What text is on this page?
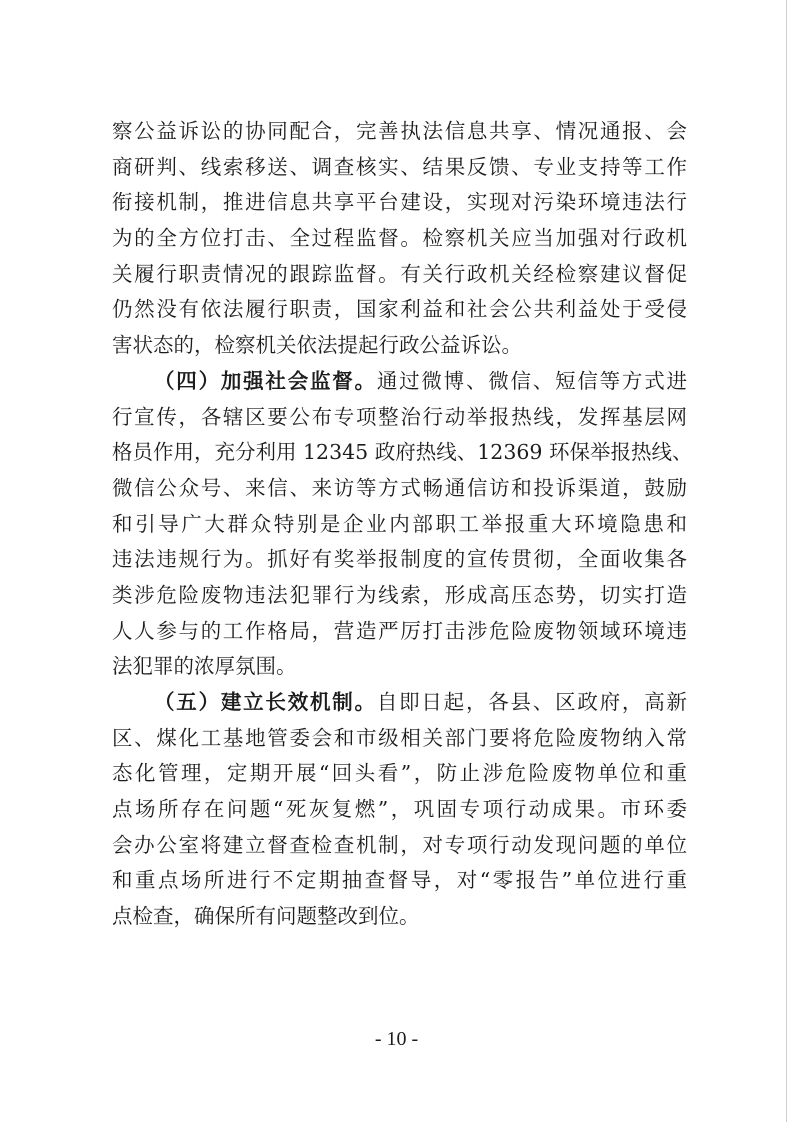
察公益诉讼的协同配合，完善执法信息共享、情况通报、会
商研判、线索移送、调查核实、结果反馈、专业支持等工作
衔接机制，推进信息共享平台建设，实现对污染环境违法行
为的全方位打击、全过程监督。检察机关应当加强对行政机
关履行职责情况的跟踪监督。有关行政机关经检察建议督促
仍然没有依法履行职责，国家利益和社会公共利益处于受侵
害状态的，检察机关依法提起行政公益诉讼。
（四）加强社会监督。通过微博、微信、短信等方式进
行宣传，各辖区要公布专项整治行动举报热线，发挥基层网
格员作用，充分利用 12345 政府热线、12369 环保举报热线、
微信公众号、来信、来访等方式畅通信访和投诉渠道，鼓励
和引导广大群众特别是企业内部职工举报重大环境隐患和
违法违规行为。抓好有奖举报制度的宣传贯彻，全面收集各
类涉危险废物违法犯罪行为线索，形成高压态势，切实打造
人人参与的工作格局，营造严厉打击涉危险废物领域环境违
法犯罪的浓厚氛围。
（五）建立长效机制。自即日起，各县、区政府，高新
区、煤化工基地管委会和市级相关部门要将危险废物纳入常
态化管理，定期开展“回头看”，防止涉危险废物单位和重
点场所存在问题“死灰复燃”，巩固专项行动成果。市环委
会办公室将建立督查检查机制，对专项行动发现问题的单位
和重点场所进行不定期抽查督导，对“零报告”单位进行重
点检查，确保所有问题整改到位。
- 10 -
